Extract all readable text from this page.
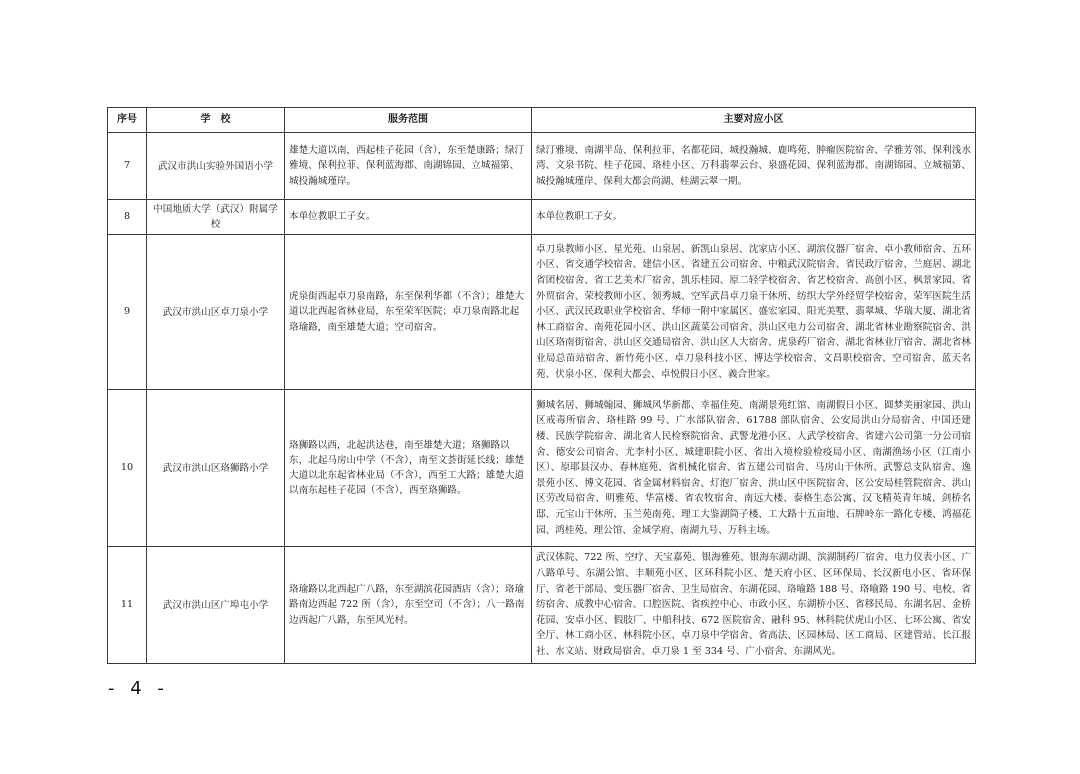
序号	学　校	服务范围	主要对应小区
7	武汉市洪山实验外国语小学	雄楚大道以南，西起桂子花园（含），东至楚康路；绿汀雅境、保利拉菲、保利蓝海郡、南湖锦园、立城福第、城投瀚城瑾岸。	绿汀雅境、南湖半岛、保利拉菲、名都花园、城投瀚城、鹿鸣苑、肿瘤医院宿舍、学雅芳邻、保利浅水湾、文泉书院、桂子花园、珞桂小区、万科翡翠云台、泉盛花园、保利蓝海郡、南湖锦园、立城福第、城投瀚城瑾岸、保利大都会尚湖、桂湖云翠一期。
8	中国地质大学（武汉）附属学校	本单位教职工子女。	本单位教职工子女。
9	武汉市洪山区卓刀泉小学	虎泉街西起卓刀泉南路，东至保利华都（不含）；雄楚大道以北西起省林业局，东至荣军医院；卓刀泉南路北起珞瑜路，南至雄楚大道；空司宿舍。	卓刀泉教师小区、星光苑、山泉居、新凯山泉居、沈家店小区、湖滨仪器厂宿舍、卓小教师宿舍、五环小区、省交通学校宿舍、建信小区、省建五公司宿舍、中粮武汉院宿舍、省民政厅宿舍、兰庭居、湖北省团校宿舍、省工艺美术厂宿舍、凯乐桂园、原二轻学校宿舍、省艺校宿舍、高创小区、枫景家园、省外贸宿舍、荣校教师小区、领秀城、空军武昌卓刀泉干休所、纺织大学外经贸学校宿舍、荣军医院生活小区、武汉民政职业学校宿舍、华师一附中家属区、盛宏家园、阳光美墅、翡翠城、华瑞大厦、湖北省林工商宿舍、南苑花园小区、洪山区蔬菜公司宿舍、洪山区电力公司宿舍、湖北省林业勘察院宿舍、洪山区珞南街宿舍、洪山区交通局宿舍、洪山区人大宿舍、虎泉药厂宿舍、湖北省林业厅宿舍、湖北省林业局总苗站宿舍、新竹苑小区、卓刀泉科技小区、博达学校宿舍、文昌职校宿舍、空司宿舍、蓝天名苑、伏泉小区、保利大都会、卓悦假日小区、義合世家。
10	武汉市洪山区珞狮路小学	珞狮路以西，北起洪达巷，南至雄楚大道；珞狮路以东，北起马房山中学（不含），南至文荟街延长线；雄楚大道以北东起省林业局（不含），西至工大路；雄楚大道以南东起桂子花园（不含），西至珞狮路。	狮城名居、狮城翰园、狮城风华新都、幸福佳苑、南湖景苑红馆、南湖假日小区、圆梦美丽家园、洪山区戒毒所宿舍、珞桂路 99 号、广水部队宿舍、61788 部队宿舍、公安局洪山分局宿舍、中国还建楼、民族学院宿舍、湖北省人民检察院宿舍、武警龙港小区、人武学校宿舍、省建六公司第一分公司宿舍、德安公司宿舍、尤李村小区、城建职院小区、省出入境检验检疫局小区、南湖渔场小区（江南小区）、原耶县汉办、春林庭苑、省机械化宿舍、省五建公司宿舍、马房山干休所、武警总支队宿舍、逸景苑小区、博文花园、省金属材料宿舍、灯泡厂宿舍、洪山区中医院宿舍、区公安局桂管院宿舍、洪山区劳改局宿舍、明雅苑、华富楼、省农牧宿舍、南远大楼、泰格生态公寓、汉飞精英青年城、剑桥名邸、元宝山干休所、玉兰苑南苑、理工大鉴湖筒子楼、工大路十五亩地、石牌岭东一路化专楼、鸿福花园、鸿桂苑、理公馆、金域学府、南湖九号、万科主场。
11	武汉市洪山区广埠屯小学	珞瑜路以北西起广八路，东至湖滨花园酒店（含）；珞瑜路南边西起 722 所（含），东至空司（不含）；八一路南边西起广八路，东至风光村。	武汉体院、722 所、空疗、天宝嘉苑、银海雅苑、银海东湖动湖、滨湖制药厂宿舍、电力仪表小区、广八路单号、东湖公馆、丰顺苑小区、区环科院小区、楚天府小区、区环保局、长汉新电小区、省环保厅、省老干部局、变压器厂宿舍、卫生局宿舍、东湖花园、珞喻路 188 号、珞喻路 190 号、电校、省纺宿舍、成教中心宿舍、口腔医院、省疾控中心、市政小区、东湖桥小区、省移民局、东湖名居、金桥花园、安卓小区、假肢厂、中船科技、672 医院宿舍、融科 95、林科院伏虎山小区、七环公寓、省安全厅、林工商小区、林科院小区、卓刀泉中学宿舍、省高法、区园林局、区工商局、区建管站、长江报社、水文站、财政局宿舍、卓刀泉 1 至 334 号、广小宿舍、东湖风光。
- 4 -
